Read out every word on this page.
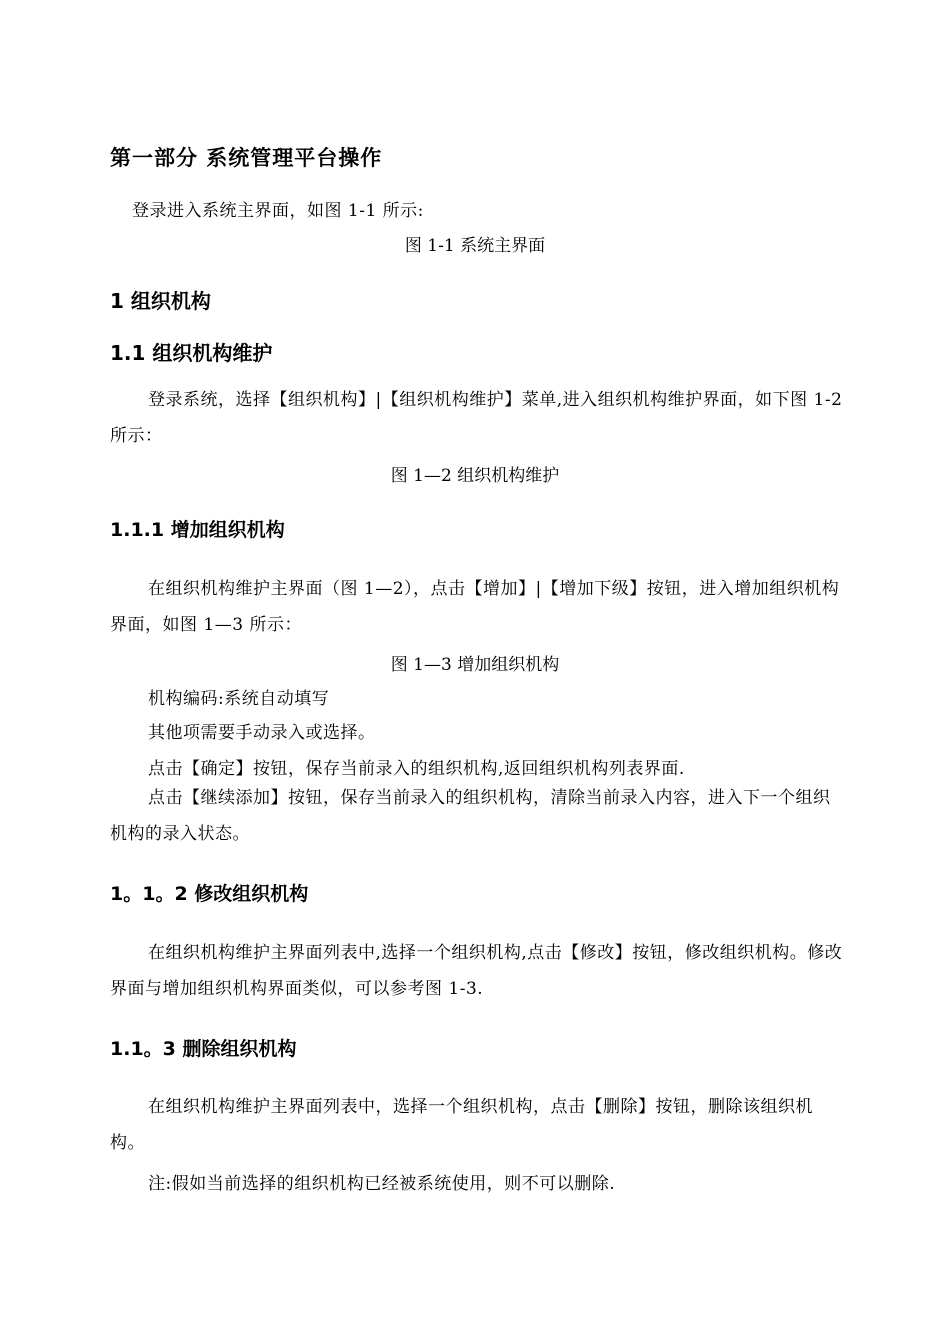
第一部分 系统管理平台操作

登录进入系统主界面，如图 1-1 所示:

图 1-1 系统主界面

1 组织机构
1.1 组织机构维护

登录系统，选择【组织机构】|【组织机构维护】菜单,进入组织机构维护界面，如下图 1-2 所示：

图 1—2 组织机构维护

1.1.1 增加组织机构

在组织机构维护主界面（图 1—2），点击【增加】|【增加下级】按钮，进入增加组织机构界面，如图 1—3 所示：

图 1—3 增加组织机构

机构编码:系统自动填写

其他项需要手动录入或选择。

点击【确定】按钮，保存当前录入的组织机构,返回组织机构列表界面.

点击【继续添加】按钮，保存当前录入的组织机构，清除当前录入内容，进入下一个组织机构的录入状态。

1。1。2 修改组织机构

在组织机构维护主界面列表中,选择一个组织机构,点击【修改】按钮，修改组织机构。修改界面与增加组织机构界面类似，可以参考图 1-3.

1.1。3 删除组织机构

在组织机构维护主界面列表中，选择一个组织机构，点击【删除】按钮，删除该组织机构。

注:假如当前选择的组织机构已经被系统使用，则不可以删除.
